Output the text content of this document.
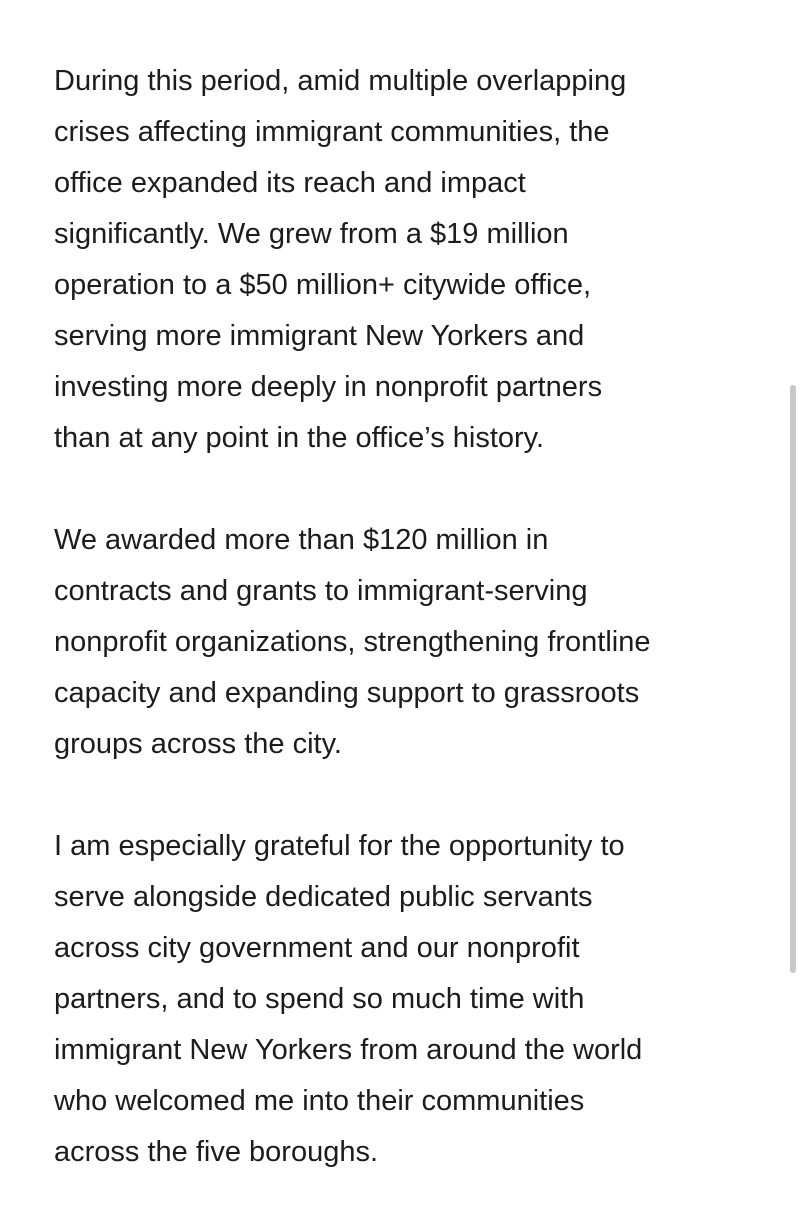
During this period, amid multiple overlapping
crises affecting immigrant communities, the
office expanded its reach and impact
significantly. We grew from a $19 million
operation to a $50 million+ citywide office,
serving more immigrant New Yorkers and
investing more deeply in nonprofit partners
than at any point in the office’s history.

We awarded more than $120 million in
contracts and grants to immigrant-serving
nonprofit organizations, strengthening frontline
capacity and expanding support to grassroots
groups across the city.

I am especially grateful for the opportunity to
serve alongside dedicated public servants
across city government and our nonprofit
partners, and to spend so much time with
immigrant New Yorkers from around the world
who welcomed me into their communities
across the five boroughs.
